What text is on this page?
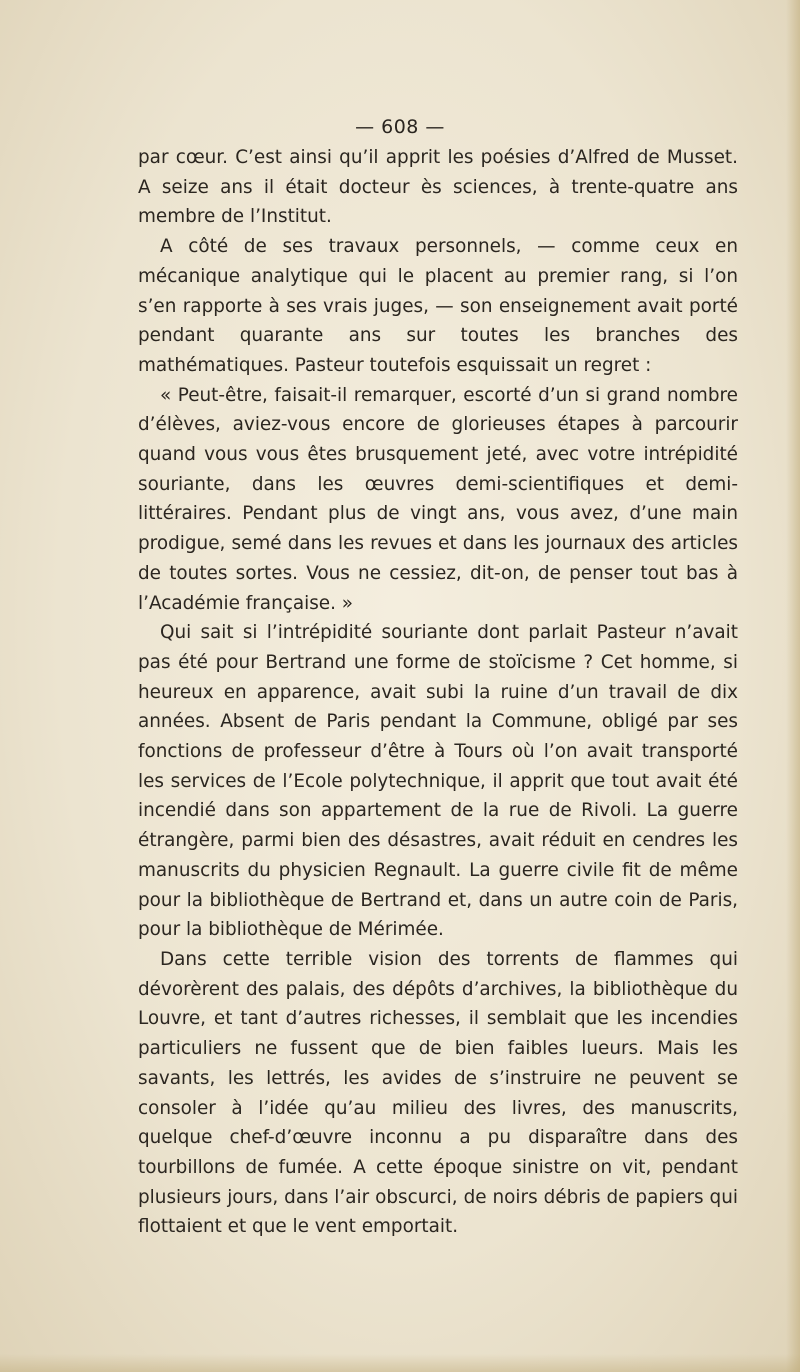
— 608 —

par cœur. C’est ainsi qu’il apprit les poésies d’Alfred de Musset. A seize ans il était docteur ès sciences, à trente-quatre ans membre de l’Institut.

A côté de ses travaux personnels, — comme ceux en mécanique analytique qui le placent au premier rang, si l’on s’en rapporte à ses vrais juges, — son enseignement avait porté pendant quarante ans sur toutes les branches des mathématiques. Pasteur toutefois esquissait un regret :

« Peut-être, faisait-il remarquer, escorté d’un si grand nombre d’élèves, aviez-vous encore de glorieuses étapes à parcourir quand vous vous êtes brusquement jeté, avec votre intrépidité souriante, dans les œuvres demi-scientifiques et demi-littéraires. Pendant plus de vingt ans, vous avez, d’une main prodigue, semé dans les revues et dans les journaux des articles de toutes sortes. Vous ne cessiez, dit-on, de penser tout bas à l’Académie française. »

Qui sait si l’intrépidité souriante dont parlait Pasteur n’avait pas été pour Bertrand une forme de stoïcisme ? Cet homme, si heureux en apparence, avait subi la ruine d’un travail de dix années. Absent de Paris pendant la Commune, obligé par ses fonctions de professeur d’être à Tours où l’on avait transporté les services de l’Ecole polytechnique, il apprit que tout avait été incendié dans son appartement de la rue de Rivoli. La guerre étrangère, parmi bien des désastres, avait réduit en cendres les manuscrits du physicien Regnault. La guerre civile fit de même pour la bibliothèque de Bertrand et, dans un autre coin de Paris, pour la bibliothèque de Mérimée.

Dans cette terrible vision des torrents de flammes qui dévorèrent des palais, des dépôts d’archives, la bibliothèque du Louvre, et tant d’autres richesses, il semblait que les incendies particuliers ne fussent que de bien faibles lueurs. Mais les savants, les lettrés, les avides de s’instruire ne peuvent se consoler à l’idée qu’au milieu des livres, des manuscrits, quelque chef-d’œuvre inconnu a pu disparaître dans des tourbillons de fumée. A cette époque sinistre on vit, pendant plusieurs jours, dans l’air obscurci, de noirs débris de papiers qui flottaient et que le vent emportait.
